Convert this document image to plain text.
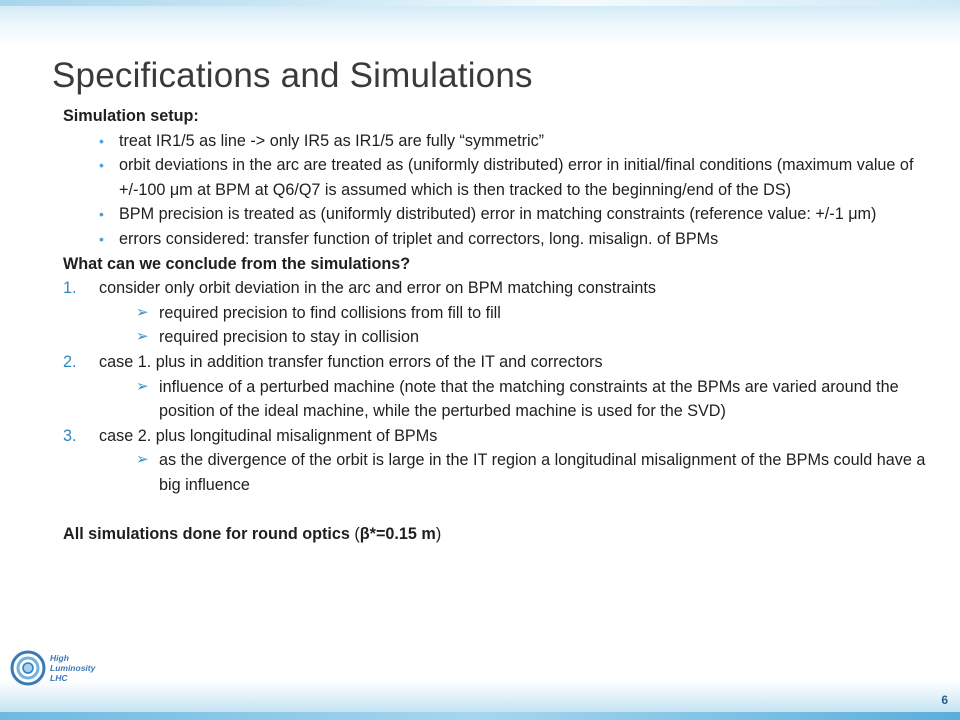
Specifications and Simulations

Simulation setup:

• treat IR1/5 as line -> only IR5 as IR1/5 are fully “symmetric”
• orbit deviations in the arc are treated as (uniformly distributed) error in initial/final conditions (maximum value of +/-100 μm at BPM at Q6/Q7 is assumed which is then tracked to the beginning/end of the DS)
• BPM precision is treated as (uniformly distributed) error in matching constraints (reference value: +/-1 μm)
• errors considered: transfer function of triplet and correctors, long. misalign. of BPMs

What can we conclude from the simulations?

1. consider only orbit deviation in the arc and error on BPM matching constraints
➢ required precision to find collisions from fill to fill
➢ required precision to stay in collision
2. case 1. plus in addition transfer function errors of the IT and correctors
➢ influence of a perturbed machine (note that the matching constraints at the BPMs are varied around the position of the ideal machine, while the perturbed machine is used for the SVD)
3. case 2. plus longitudinal misalignment of BPMs
➢ as the divergence of the orbit is large in the IT region a longitudinal misalignment of the BPMs could have a big influence

All simulations done for round optics (β*=0.15 m)

High
Luminosity
LHC
6
